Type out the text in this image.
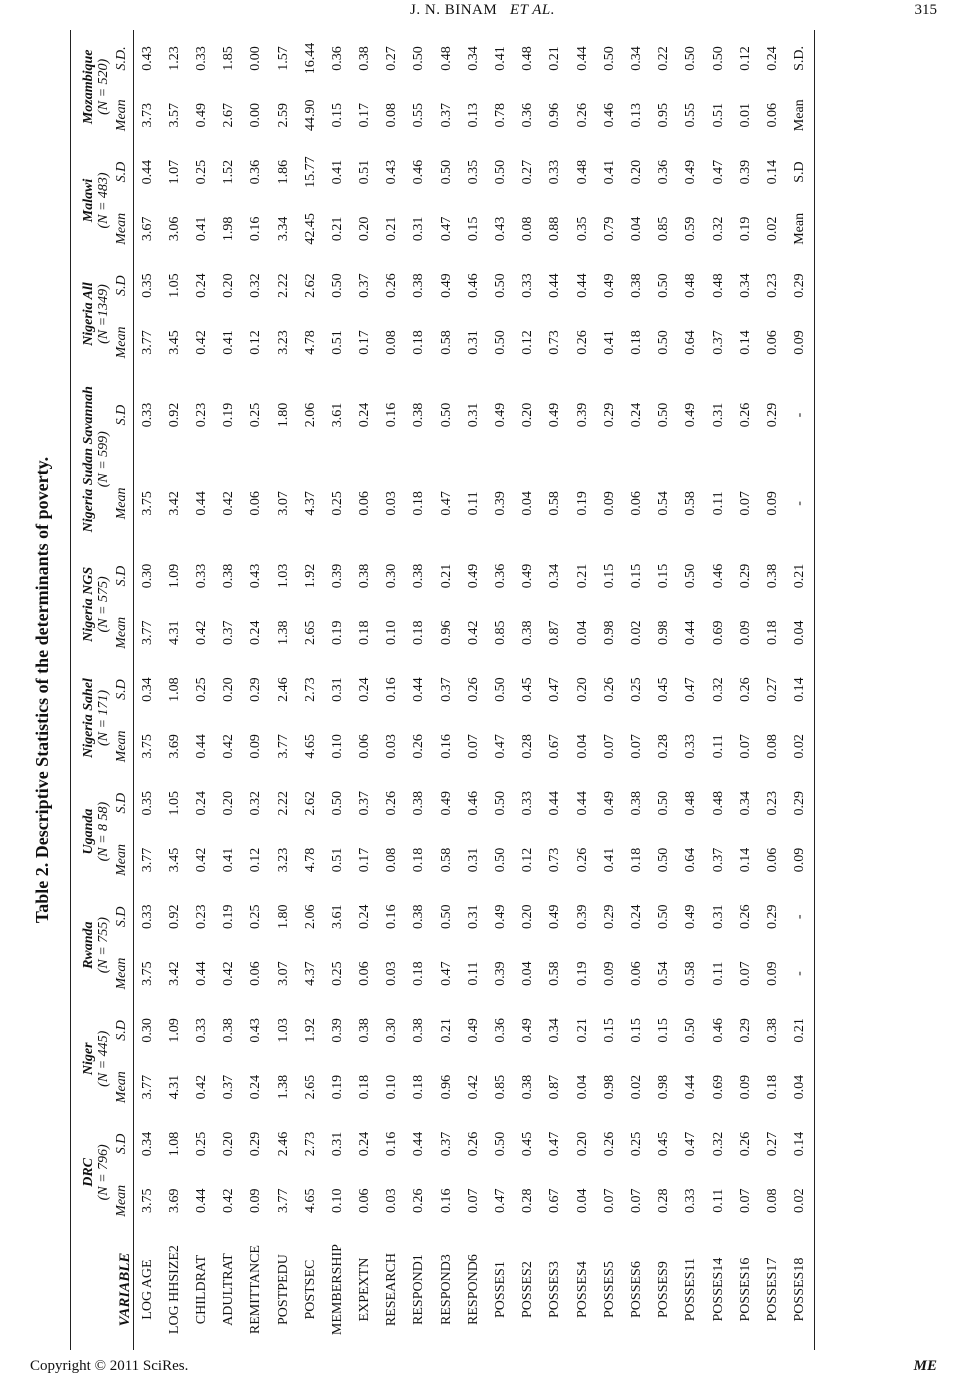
J. N. BINAM ET AL.	315
Table 2. Descriptive Statistics of the determinants of poverty.
VARIABLE	DRC (N = 796)		Niger (N = 445)		Rwanda (N = 755)		Uganda (N = 8 58)		Nigeria Sahel (N = 171)		Nigeria NGS (N = 575)		Nigeria Sudan Savannah (N = 599)		Nigeria All (N =1349)		Malawi (N = 483)		Mozambique (N = 520)	

	Mean	S.D	Mean	S.D	Mean	S.D	Mean	S.D	Mean	S.D	Mean	S.D	Mean	S.D	Mean	S.D	Mean	S.D	Mean	S.D.
LOG AGE	3.75	0.34	3.77	0.30	3.75	0.33	3.77	0.35	3.75	0.34	3.77	0.30	3.75	0.33	3.77	0.35	3.67	0.44	3.73	0.43
LOG HHSIZE2	3.69	1.08	4.31	1.09	3.42	0.92	3.45	1.05	3.69	1.08	4.31	1.09	3.42	0.92	3.45	1.05	3.06	1.07	3.57	1.23
CHILDRAT	0.44	0.25	0.42	0.33	0.44	0.23	0.42	0.24	0.44	0.25	0.42	0.33	0.44	0.23	0.42	0.24	0.41	0.25	0.49	0.33
ADULTRAT	0.42	0.20	0.37	0.38	0.42	0.19	0.41	0.20	0.42	0.20	0.37	0.38	0.42	0.19	0.41	0.20	1.98	1.52	2.67	1.85
REMITTANCE	0.09	0.29	0.24	0.43	0.06	0.25	0.12	0.32	0.09	0.29	0.24	0.43	0.06	0.25	0.12	0.32	0.16	0.36	0.00	0.00
POSTPEDU	3.77	2.46	1.38	1.03	3.07	1.80	3.23	2.22	3.77	2.46	1.38	1.03	3.07	1.80	3.23	2.22	3.34	1.86	2.59	1.57
POSTSEC	4.65	2.73	2.65	1.92	4.37	2.06	4.78	2.62	4.65	2.73	2.65	1.92	4.37	2.06	4.78	2.62	42.45	15.77	44.90	16.44
MEMBERSHIP	0.10	0.31	0.19	0.39	0.25	3.61	0.51	0.50	0.10	0.31	0.19	0.39	0.25	3.61	0.51	0.50	0.21	0.41	0.15	0.36
EXPEXTN	0.06	0.24	0.18	0.38	0.06	0.24	0.17	0.37	0.06	0.24	0.18	0.38	0.06	0.24	0.17	0.37	0.20	0.51	0.17	0.38
RESEARCH	0.03	0.16	0.10	0.30	0.03	0.16	0.08	0.26	0.03	0.16	0.10	0.30	0.03	0.16	0.08	0.26	0.21	0.43	0.08	0.27
RESPOND1	0.26	0.44	0.18	0.38	0.18	0.38	0.18	0.38	0.26	0.44	0.18	0.38	0.18	0.38	0.18	0.38	0.31	0.46	0.55	0.50
RESPOND3	0.16	0.37	0.96	0.21	0.47	0.50	0.58	0.49	0.16	0.37	0.96	0.21	0.47	0.50	0.58	0.49	0.47	0.50	0.37	0.48
RESPOND6	0.07	0.26	0.42	0.49	0.11	0.31	0.31	0.46	0.07	0.26	0.42	0.49	0.11	0.31	0.31	0.46	0.15	0.35	0.13	0.34
POSSES1	0.47	0.50	0.85	0.36	0.39	0.49	0.50	0.50	0.47	0.50	0.85	0.36	0.39	0.49	0.50	0.50	0.43	0.50	0.78	0.41
POSSES2	0.28	0.45	0.38	0.49	0.04	0.20	0.12	0.33	0.28	0.45	0.38	0.49	0.04	0.20	0.12	0.33	0.08	0.27	0.36	0.48
POSSES3	0.67	0.47	0.87	0.34	0.58	0.49	0.73	0.44	0.67	0.47	0.87	0.34	0.58	0.49	0.73	0.44	0.88	0.33	0.96	0.21
POSSES4	0.04	0.20	0.04	0.21	0.19	0.39	0.26	0.44	0.04	0.20	0.04	0.21	0.19	0.39	0.26	0.44	0.35	0.48	0.26	0.44
POSSES5	0.07	0.26	0.98	0.15	0.09	0.29	0.41	0.49	0.07	0.26	0.98	0.15	0.09	0.29	0.41	0.49	0.79	0.41	0.46	0.50
POSSES6	0.07	0.25	0.02	0.15	0.06	0.24	0.18	0.38	0.07	0.25	0.02	0.15	0.06	0.24	0.18	0.38	0.04	0.20	0.13	0.34
POSSES9	0.28	0.45	0.98	0.15	0.54	0.50	0.50	0.50	0.28	0.45	0.98	0.15	0.54	0.50	0.50	0.50	0.85	0.36	0.95	0.22
POSSES11	0.33	0.47	0.44	0.50	0.58	0.49	0.64	0.48	0.33	0.47	0.44	0.50	0.58	0.49	0.64	0.48	0.59	0.49	0.55	0.50
POSSES14	0.11	0.32	0.69	0.46	0.11	0.31	0.37	0.48	0.11	0.32	0.69	0.46	0.11	0.31	0.37	0.48	0.32	0.47	0.51	0.50
POSSES16	0.07	0.26	0.09	0.29	0.07	0.26	0.14	0.34	0.07	0.26	0.09	0.29	0.07	0.26	0.14	0.34	0.19	0.39	0.01	0.12
POSSES17	0.08	0.27	0.18	0.38	0.09	0.29	0.06	0.23	0.08	0.27	0.18	0.38	0.09	0.29	0.06	0.23	0.02	0.14	0.06	0.24
POSSES18	0.02	0.14	0.04	0.21	-	-	0.09	0.29	0.02	0.14	0.04	0.21	-	-	0.09	0.29	Mean	S.D	Mean	S.D.
Copyright © 2011 SciRes.	ME
